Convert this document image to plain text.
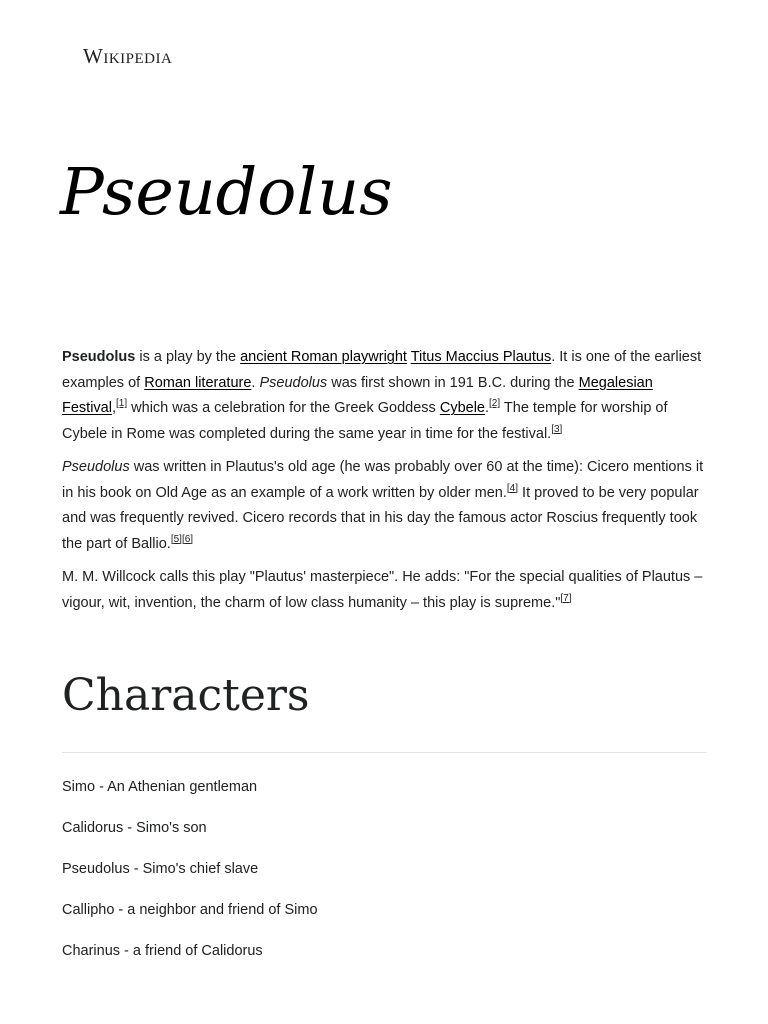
Wikipedia
Pseudolus

Pseudolus is a play by the ancient Roman playwright Titus Maccius Plautus. It is one of the earliest examples of Roman literature. Pseudolus was first shown in 191 B.C. during the Megalesian Festival,[1] which was a celebration for the Greek Goddess Cybele.[2] The temple for worship of Cybele in Rome was completed during the same year in time for the festival.[3]

Pseudolus was written in Plautus's old age (he was probably over 60 at the time): Cicero mentions it in his book on Old Age as an example of a work written by older men.[4] It proved to be very popular and was frequently revived. Cicero records that in his day the famous actor Roscius frequently took the part of Ballio.[5][6]

M. M. Willcock calls this play "Plautus' masterpiece". He adds: "For the special qualities of Plautus – vigour, wit, invention, the charm of low class humanity – this play is supreme."[7]

Characters
Simo - An Athenian gentleman
Calidorus - Simo's son
Pseudolus - Simo's chief slave
Callipho - a neighbor and friend of Simo
Charinus - a friend of Calidorus
